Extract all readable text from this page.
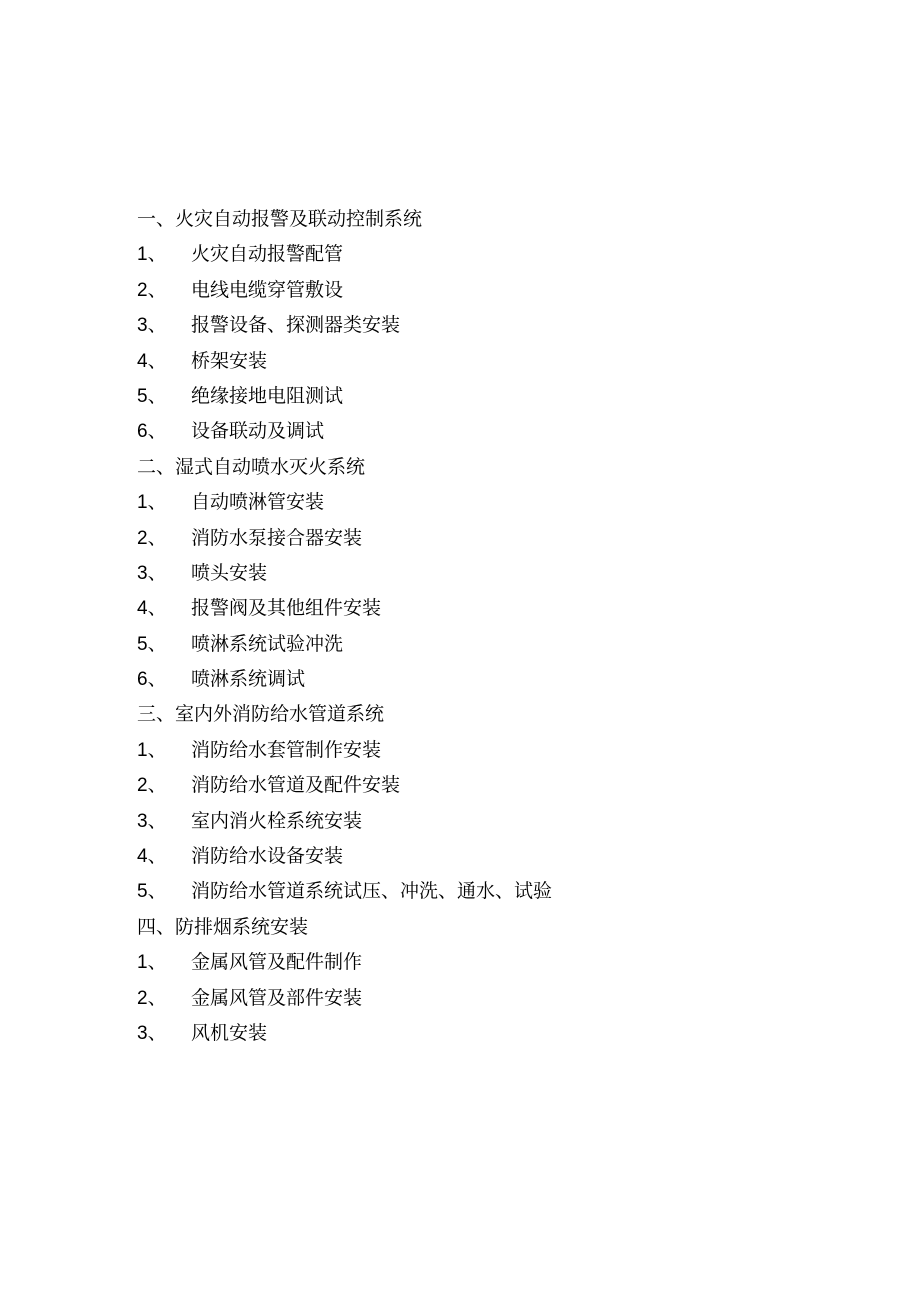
一、火灾自动报警及联动控制系统
1、 火灾自动报警配管
2、 电线电缆穿管敷设
3、 报警设备、探测器类安装
4、 桥架安装
5、 绝缘接地电阻测试
6、 设备联动及调试
二、湿式自动喷水灭火系统
1、 自动喷淋管安装
2、 消防水泵接合器安装
3、 喷头安装
4、 报警阀及其他组件安装
5、 喷淋系统试验冲洗
6、 喷淋系统调试
三、室内外消防给水管道系统
1、 消防给水套管制作安装
2、 消防给水管道及配件安装
3、 室内消火栓系统安装
4、 消防给水设备安装
5、 消防给水管道系统试压、冲洗、通水、试验
四、防排烟系统安装
1、 金属风管及配件制作
2、 金属风管及部件安装
3、 风机安装
